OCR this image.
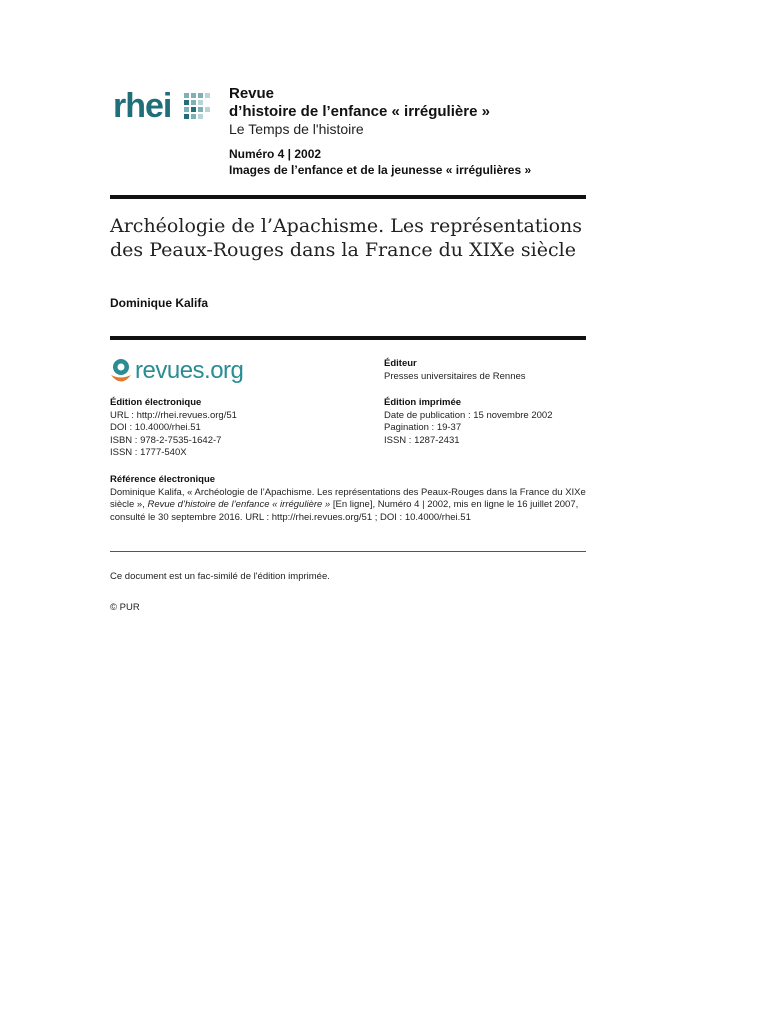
rhei	Revue
d’histoire de l’enfance « irrégulière »
Le Temps de l'histoire
Numéro 4 | 2002
Images de l’enfance et de la jeunesse « irrégulières »
Archéologie de l’Apachisme. Les représentations
des Peaux-Rouges dans la France du XIXe siècle
Dominique Kalifa
revues.org	Éditeur
Presses universitaires de Rennes
Édition électronique
URL : http://rhei.revues.org/51
DOI : 10.4000/rhei.51
ISBN : 978-2-7535-1642-7
ISSN : 1777-540X
Édition imprimée
Date de publication : 15 novembre 2002
Pagination : 19-37
ISSN : 1287-2431
Référence électronique
Dominique Kalifa, « Archéologie de l’Apachisme. Les représentations des Peaux-Rouges dans la France du XIXe siècle », Revue d’histoire de l’enfance « irrégulière » [En ligne], Numéro 4 | 2002, mis en ligne le 16 juillet 2007, consulté le 30 septembre 2016. URL : http://rhei.revues.org/51 ; DOI : 10.4000/rhei.51
Ce document est un fac-similé de l'édition imprimée.
© PUR
